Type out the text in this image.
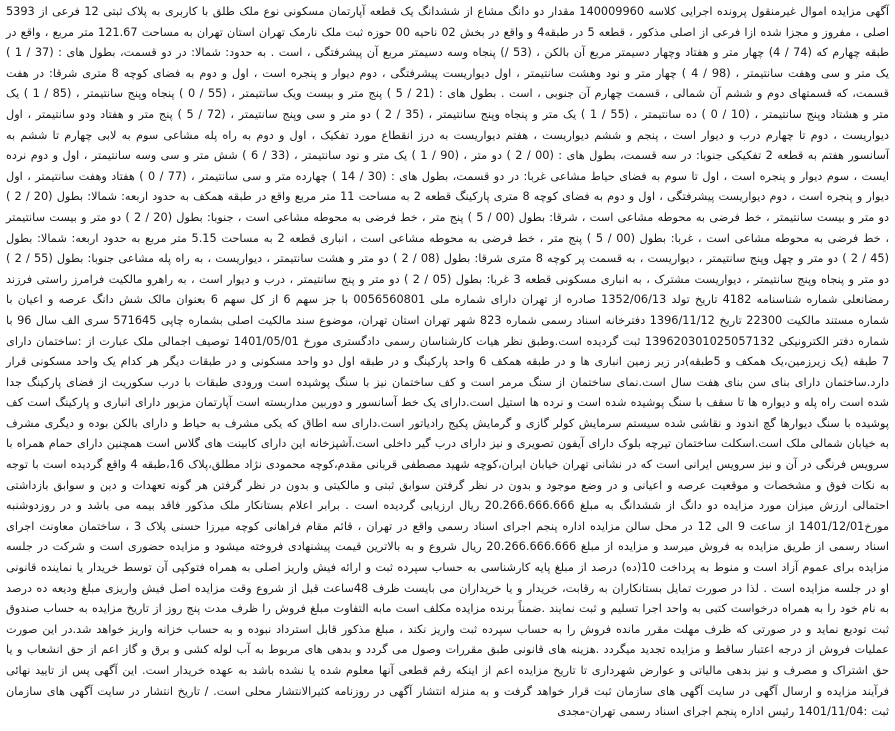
آگهی مزایده اموال غیرمنقول پرونده اجرایی کلاسه 140009960 مقدار دو دانگ مشاع از ششدانگ یک قطعه آپارتمان مسکونی نوع ملک طلق با کاربری به پلاک ثبتی 12 فرعی از 5393 اصلی ، مفروز و مجزا شده ازا فرعی از اصلی مذکور ، قطعه 5 در طبقه4 و واقع در بخش 02 ناحیه 00 حوزه ثبت ملک نارمک تهران استان تهران به مساحت 121.67 متر مربع ، واقع در طبقه چهارم که (74 / 4) چهار متر و هفتاد وچهار دسیمتر مربع آن بالکن ، (53 /) پنجاه وسه دسیمتر مربع آن پیشرفتگی ، است . به حدود: شمالا: در دو قسمت، بطول های : (37 / 1 ) یک متر و سی وهفت سانتیمتر ، (98 / 4 ) چهار متر و نود وهشت سانتیمتر ، اول دیواریست پیشرفتگی ، دوم دیوار و پنجره است ، اول و دوم به فضای کوچه 8 متری شرقا: در هفت قسمت، که قسمتهای دوم و ششم آن شمالی ، قسمت چهارم آن جنوبی ، است . بطول های : (21 / 5 ) پنج متر و بیست ویک سانتیمتر ، (55 / 0 ) پنجاه وپنج سانتیمتر ، (85 / 1 ) یک متر و هشتاد وپنج سانتیمتر ، (10 / 0 ) ده سانتیمتر ، (55 / 1 ) یک متر و پنجاه وپنج سانتیمتر ، (35 / 2 ) دو متر و سی وپنج سانتیمتر ، (72 / 5 ) پنج متر و هفتاد ودو سانتیمتر ، اول دیواریست ، دوم تا چهارم درب و دیوار است ، پنجم و ششم دیواریست ، هفتم دیواریست به درز انقطاع مورد تفکیک ، اول و دوم به راه پله مشاعی سوم به لابی چهارم تا ششم به آسانسور هفتم به قطعه 2 تفکیکی جنوبا: در سه قسمت، بطول های : (00 / 2 ) دو متر ، (90 / 1 ) یک متر و نود سانتیمتر ، (33 / 6 ) شش متر و سی وسه سانتیمتر ، اول و دوم نرده ایست ، سوم دیوار و پنجره است ، اول تا سوم به فضای حیاط مشاعی غربا: در دو قسمت، بطول های : (30 / 14 ) چهارده متر و سی سانتیمتر ، (77 / 0 ) هفتاد وهفت سانتیمتر ، اول دیوار و پنجره است ، دوم دیواریست پیشرفتگی ، اول و دوم به فضای کوچه 8 متری پارکینگ قطعه 2 به مساحت 11 متر مربع واقع در طبقه همکف به حدود اربعه: شمالا: بطول (20 / 2 ) دو متر و بیست سانتیمتر ، خط فرضی به محوطه مشاعی است ، شرقا: بطول (00 / 5 ) پنج متر ، خط فرضی به محوطه مشاعی است ، جنوبا: بطول (20 / 2 ) دو متر و بیست سانتیمتر ، خط فرضی به محوطه مشاعی است ، غربا: بطول (00 / 5 ) پنج متر ، خط فرضی به محوطه مشاعی است ، انباری قطعه 2 به مساحت 5.15 متر مربع به حدود اربعه: شمالا: بطول (45 / 2 ) دو متر و چهل وپنج سانتیمتر ، دیواریست ، به قسمت پر کوچه 8 متری شرقا: بطول (08 / 2 ) دو متر و هشت سانتیمتر ، دیواریست ، به راه پله مشاعی جنوبا: بطول (55 / 2 ) دو متر و پنجاه وپنج سانتیمتر ، دیواریست مشترک ، به انباری مسکونی قطعه 3 غربا: بطول (05 / 2 ) دو متر و پنج سانتیمتر ، درب و دیوار است ، به راهرو مالکیت فرامرز راستی فرزند رمضانعلی شماره شناسنامه 4182 تاریخ تولد 1352/06/13 صادره از تهران دارای شماره ملی 0056560801 با جز سهم 6 از کل سهم 6 بعنوان مالک شش دانگ عرصه و اعیان با شماره مستند مالکیت 22300 تاریخ 1396/11/12 دفترخانه اسناد رسمی شماره 823 شهر تهران استان تهران، موضوع سند مالکیت اصلی بشماره چاپی 571645 سری الف سال 96 با شماره دفتر الکترونیکی 139620301025057132 ثبت گردیده است.وطبق نظر هیات کارشناسان رسمی دادگستری مورخ 1401/05/01 توصیف اجمالی ملک عبارت از :ساختمان دارای 7 طبقه (یک زیرزمین،یک همکف و 5طبقه)در زیر زمین انباری ها و در طبقه همکف 6 واحد پارکینگ و در طبقه اول دو واحد مسکونی و در طبقات دیگر هر کدام یک واحد مسکونی قرار دارد.ساختمان دارای بنای سن بنای هفت سال است.نمای ساختمان از سنگ مرمر است و کف ساختمان نیز با سنگ پوشیده است ورودی طبقات با درب سکوریت از فضای پارکینگ جدا شده است راه پله و دیواره ها تا سقف با سنگ پوشیده شده است و نرده ها استیل است.دارای یک خط آسانسور و دوربین مداربسته است آپارتمان مزبور دارای انباری و پارکینگ است کف پوشیده با سنگ دیوارها گچ اندود و نقاشی شده سیستم سرمایش کولر گازی و گرمایش پکیج رادیاتور است.دارای سه اطاق که یکی مشرف به حیاط و دارای بالکن بوده و دیگری مشرف به خیابان شمالی ملک است.اسکلت ساختمان تیرچه بلوک دارای آیفون تصویری و نیز دارای درب گیر داخلی است.آشپزخانه این دارای کابینت های گلاس است همچنین دارای حمام همراه با سرویس فرنگی در آن و نیز سرویس ایرانی است که در نشانی تهران خیابان ایران،کوچه شهید مصطفی قربانی مقدم،کوچه محمودی نژاد مطلق،پلاک 16،طبقه 4 واقع گردیده است با توجه به نکات فوق و مشخصات و موقعیت عرصه و اعیانی و در وضع موجود و بدون در نظر گرفتن سوابق ثبتی و مالکیتی و بدون در نظر گرفتن هر گونه تعهدات و دین و سوابق بازداشتی احتمالی ارزش میزان مورد مزایده دو دانگ از ششدانگ به مبلغ 20.266.666.666 ریال ارزیابی گردیده است . برابر اعلام بستانکار ملک مذکور فاقد بیمه می باشد و در روزدوشنبه مورخ1401/12/01 از ساعت 9 الی 12 در محل سالن مزایده اداره پنجم اجرای اسناد رسمی واقع در تهران ، قائم مقام فراهانی کوچه میرزا حسنی پلاک 3 ، ساختمان معاونت اجرای اسناد رسمی از طریق مزایده به فروش میرسد و مزایده از مبلغ 20.266.666.666 ریال شروع و به بالاترین قیمت پیشنهادی فروخته میشود و مزایده حضوری است و شرکت در جلسه مزایده برای عموم آزاد است و منوط به پرداخت 10(ده) درصد از مبلغ پایه کارشناسی به حساب سپرده ثبت و ارائه فیش واریز اصلی به همراه فتوکپی آن توسط خریدار یا نماینده قانونی او در جلسه مزایده است . لذا در صورت تمایل بستانکاران به رقابت، خریدار و یا خریداران می بایست ظرف 48ساعت قبل از شروع وقت مزایده اصل فیش واریزی مبلغ ودیعه ده درصد به نام خود را به همراه درخواست کتبی به واحد اجرا تسلیم و ثبت نمایند .ضمناً برنده مزایده مکلف است مابه التفاوت مبلغ فروش را ظرف مدت پنج روز از تاریخ مزایده به حساب صندوق ثبت تودیع نماید و در صورتی که ظرف مهلت مقرر مانده فروش را به حساب سپرده ثبت واریز نکند ، مبلغ مذکور قابل استرداد نبوده و به حساب خزانه واریز خواهد شد.در این صورت عملیات فروش از درجه اعتبار ساقط و مزایده تجدید میگردد .هزینه های قانونی طبق مقررات وصول می گردد و بدهی های مربوط به آب لوله کشی و برق و گاز اعم از حق انشعاب و یا حق اشتراک و مصرف و نیز بدهی مالیاتی و عوارض شهرداری تا تاریخ مزایده اعم از اینکه رقم قطعی آنها معلوم شده یا نشده باشد به عهده خریدار است. این آگهی پس از تایید نهائی فرآیند مزایده و ارسال آگهی در سایت آگهی های سازمان ثبت قرار خواهد گرفت و به منزله انتشار آگهی در روزنامه کثیرالانتشار محلی است. / تاریخ انتشار در سایت آگهی های سازمان ثبت :1401/11/04 رئیس اداره پنجم اجرای اسناد رسمی تهران-مجدی
